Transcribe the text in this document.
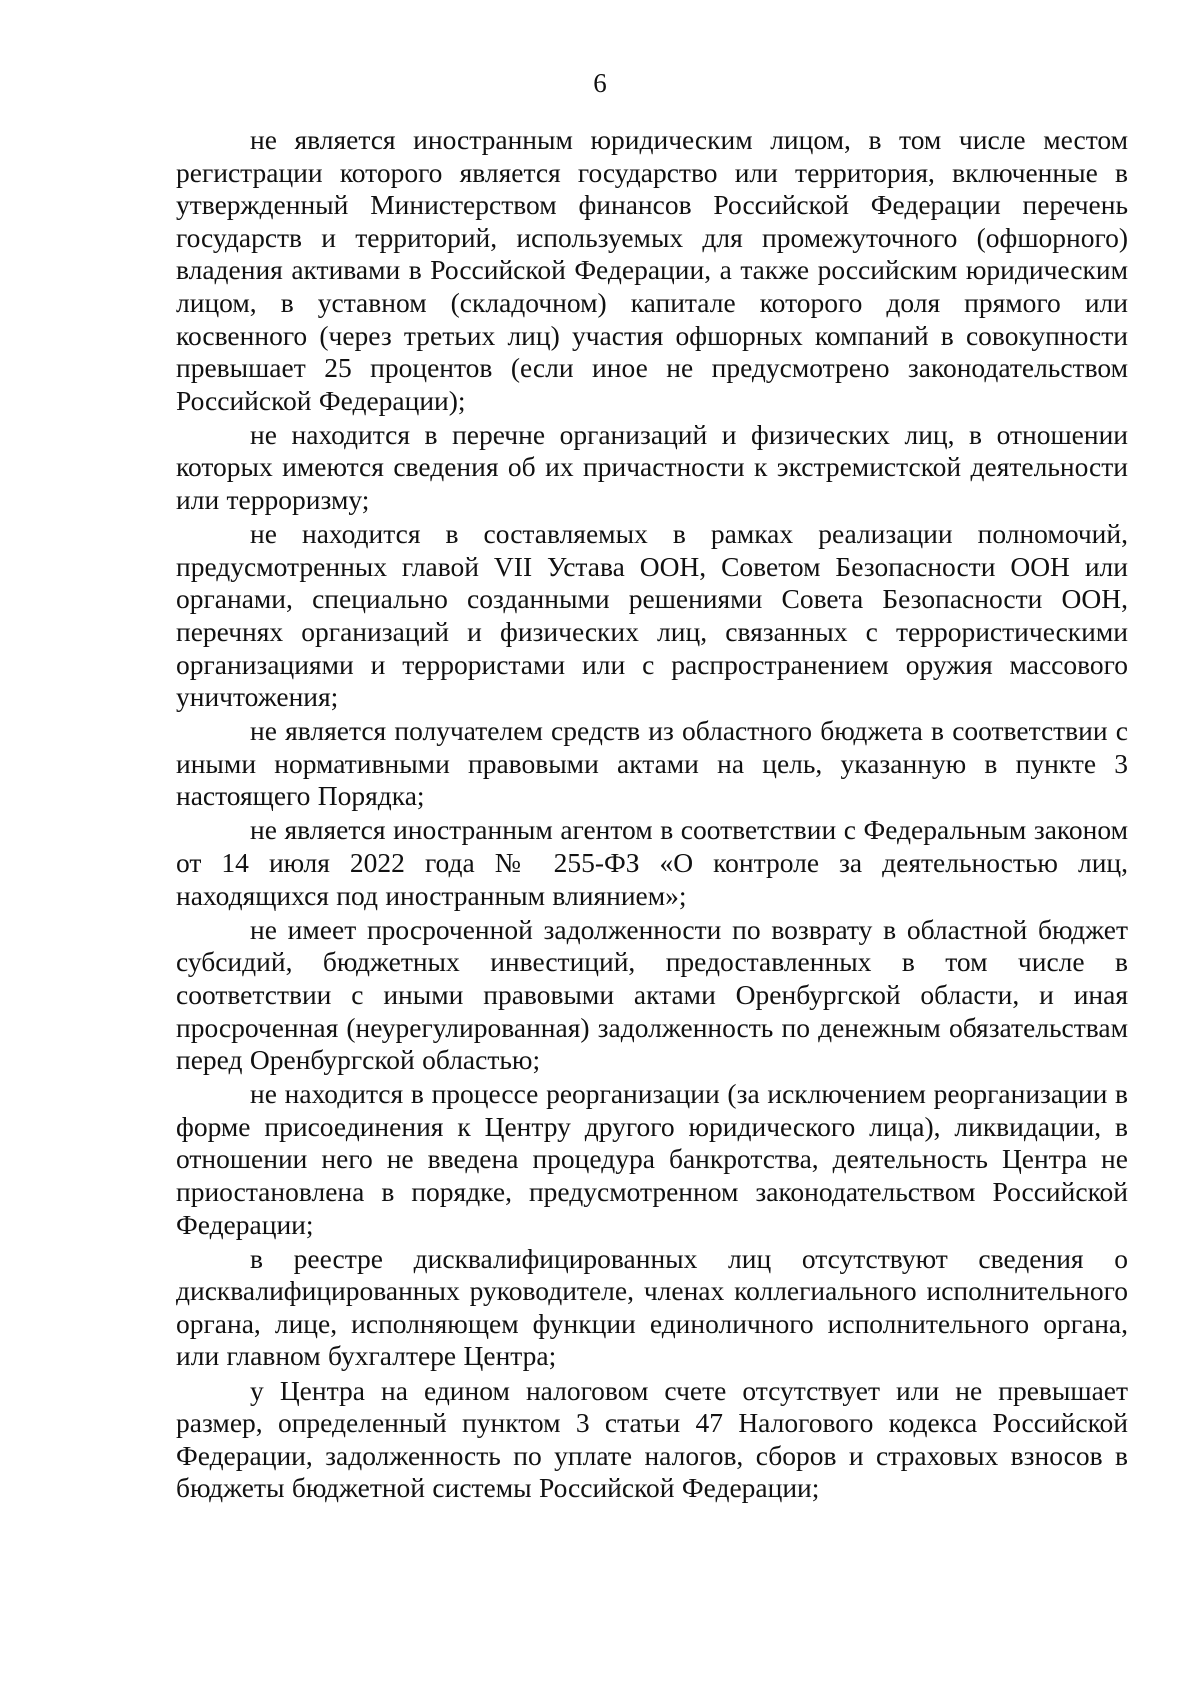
6

не является иностранным юридическим лицом, в том числе местом регистрации которого является государство или территория, включенные в утвержденный Министерством финансов Российской Федерации перечень государств и территорий, используемых для промежуточного (офшорного) владения активами в Российской Федерации, а также российским юридическим лицом, в уставном (складочном) капитале которого доля прямого или косвенного (через третьих лиц) участия офшорных компаний в совокупности превышает 25 процентов (если иное не предусмотрено законодательством Российской Федерации);

не находится в перечне организаций и физических лиц, в отношении которых имеются сведения об их причастности к экстремистской деятельности или терроризму;

не находится в составляемых в рамках реализации полномочий, предусмотренных главой VII Устава ООН, Советом Безопасности ООН или органами, специально созданными решениями Совета Безопасности ООН, перечнях организаций и физических лиц, связанных с террористическими организациями и террористами или с распространением оружия массового уничтожения;

не является получателем средств из областного бюджета в соответствии с иными нормативными правовыми актами на цель, указанную в пункте 3 настоящего Порядка;

не является иностранным агентом в соответствии с Федеральным законом от 14 июля 2022 года № 255-ФЗ «О контроле за деятельностью лиц, находящихся под иностранным влиянием»;

не имеет просроченной задолженности по возврату в областной бюджет субсидий, бюджетных инвестиций, предоставленных в том числе в соответствии с иными правовыми актами Оренбургской области, и иная просроченная (неурегулированная) задолженность по денежным обязательствам перед Оренбургской областью;

не находится в процессе реорганизации (за исключением реорганизации в форме присоединения к Центру другого юридического лица), ликвидации, в отношении него не введена процедура банкротства, деятельность Центра не приостановлена в порядке, предусмотренном законодательством Российской Федерации;

в реестре дисквалифицированных лиц отсутствуют сведения о дисквалифицированных руководителе, членах коллегиального исполнительного органа, лице, исполняющем функции единоличного исполнительного органа, или главном бухгалтере Центра;

у Центра на едином налоговом счете отсутствует или не превышает размер, определенный пунктом 3 статьи 47 Налогового кодекса Российской Федерации, задолженность по уплате налогов, сборов и страховых взносов в бюджеты бюджетной системы Российской Федерации;
